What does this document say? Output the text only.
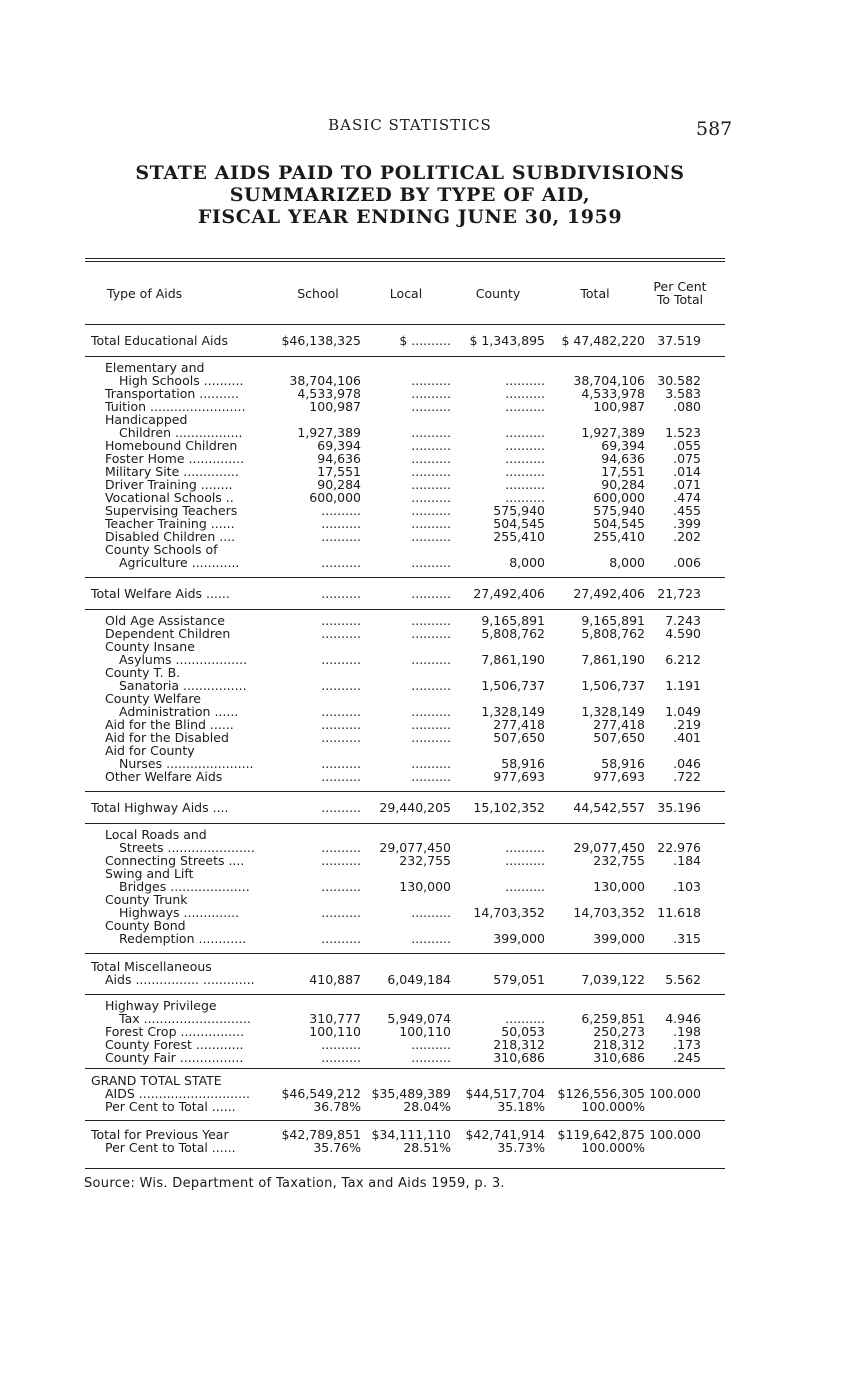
BASIC STATISTICS	587
STATE AIDS PAID TO POLITICAL SUBDIVISIONS
SUMMARIZED BY TYPE OF AID,
FISCAL YEAR ENDING JUNE 30, 1959
Type of Aids	School	Local	County	Total	Per Cent
To Total
Total Educational Aids	$46,138,325	$ ..........	$ 1,343,895	$ 47,482,220 37.519
Elementary and
High Schools ..........	38,704,106	..........	..........	38,704,106 30.582
Transportation ..........	4,533,978	..........	..........	4,533,978	3.583
Tuition ........................	100,987	..........	..........	100,987	.080
Handicapped
Children .................	1,927,389	..........	..........	1,927,389	1.523
Homebound Children	69,394	..........	..........	69,394	.055
Foster Home ..............	94,636	..........	..........	94,636	.075
Military Site ..............	17,551	..........	..........	17,551	.014
Driver Training ........	90,284	..........	..........	90,284	.071
Vocational Schools ..	600,000	..........	..........	600,000	.474
Supervising Teachers	..........	..........	575,940	575,940	.455
Teacher Training ......	..........	..........	504,545	504,545	.399
Disabled Children ....	..........	..........	255,410	255,410	.202
County Schools of
Agriculture ............	..........	..........	8,000	8,000	.006
Total Welfare Aids ......	..........	..........	27,492,406	27,492,406 21,723
Old Age Assistance	..........	..........	9,165,891	9,165,891	7.243
Dependent Children	..........	..........	5,808,762	5,808,762	4.590
County Insane
Asylums ..................	..........	..........	7,861,190	7,861,190	6.212
County T. B.
Sanatoria ................	..........	..........	1,506,737	1,506,737	1.191
County Welfare
Administration ......	..........	..........	1,328,149	1,328,149	1.049
Aid for the Blind ......	..........	..........	277,418	277,418	.219
Aid for the Disabled	..........	..........	507,650	507,650	.401
Aid for County
Nurses ......................	..........	..........	58,916	58,916	.046
Other Welfare Aids	..........	..........	977,693	977,693	.722
Total Highway Aids ....	..........	29,440,205	15,102,352	44,542,557 35.196
Local Roads and
Streets ......................	..........	29,077,450	..........	29,077,450 22.976
Connecting Streets ....	..........	232,755	..........	232,755	.184
Swing and Lift
Bridges ....................	..........	130,000	..........	130,000	.103
County Trunk
Highways ..............	..........	..........	14,703,352	14,703,352 11.618
County Bond
Redemption ............	..........	..........	399,000	399,000	.315
Total Miscellaneous
Aids ................ .............	410,887	6,049,184	579,051	7,039,122	5.562
Highway Privilege
Tax ...........................	310,777	5,949,074	..........	6,259,851	4.946
Forest Crop ................	100,110	100,110	50,053	250,273	.198
County Forest ............	..........	..........	218,312	218,312	.173
County Fair ................	..........	..........	310,686	310,686	.245
GRAND TOTAL STATE
AIDS ............................	$46,549,212 $35,489,389	$44,517,704	$126,556,305 100.000
Per Cent to Total ......	36.78%	28.04%	35.18%	100.000%
Total for Previous Year	$42,789,851 $34,111,110	$42,741,914	$119,642,875 100.000
Per Cent to Total ......	35.76%	28.51%	35.73%	100.000%
Source: Wis. Department of Taxation, Tax and Aids 1959, p. 3.
